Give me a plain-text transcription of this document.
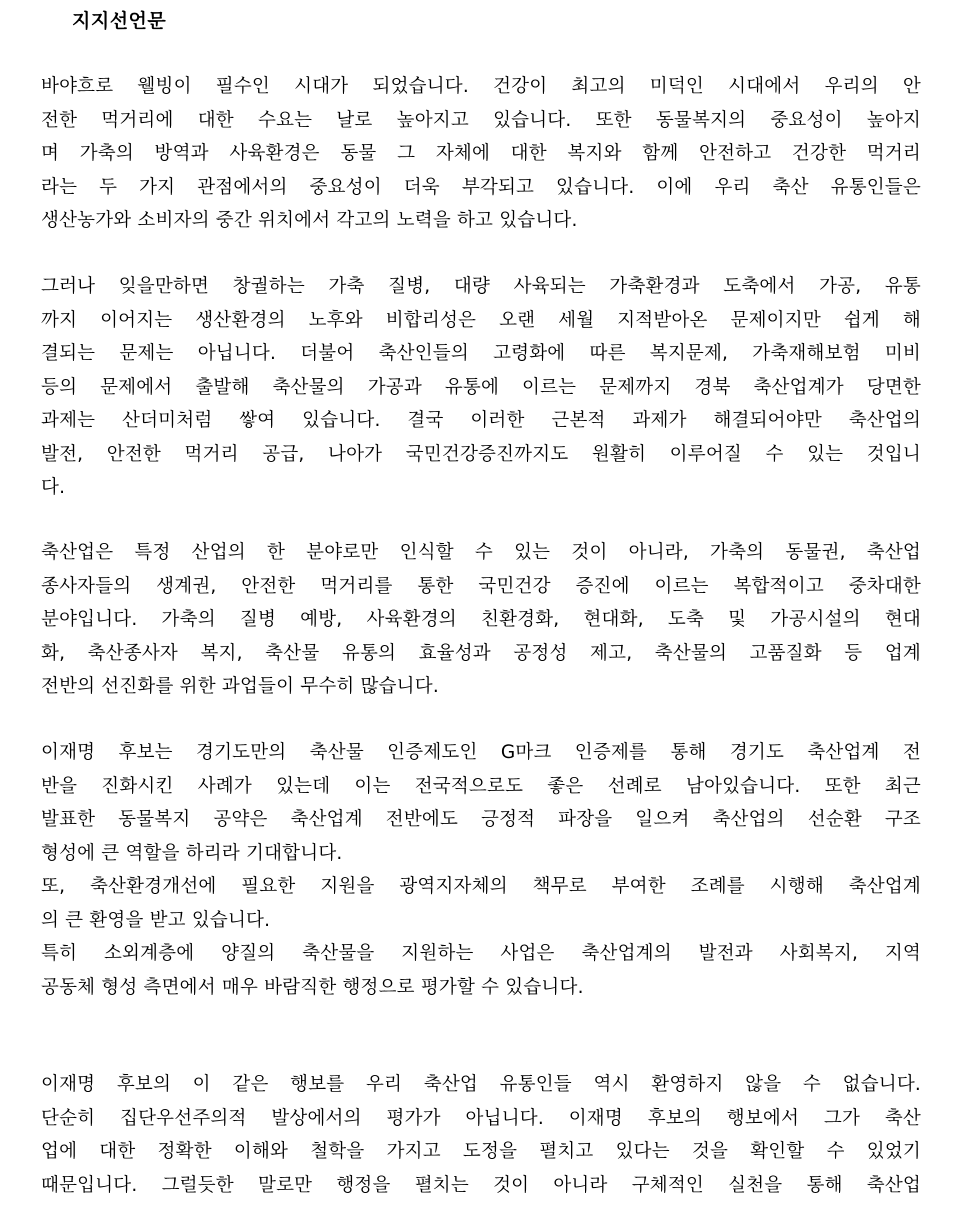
지지선언문
바야흐로 웰빙이 필수인 시대가 되었습니다. 건강이 최고의 미덕인 시대에서 우리의 안
전한 먹거리에 대한 수요는 날로 높아지고 있습니다. 또한 동물복지의 중요성이 높아지
며 가축의 방역과 사육환경은 동물 그 자체에 대한 복지와 함께 안전하고 건강한 먹거리
라는 두 가지 관점에서의 중요성이 더욱 부각되고 있습니다. 이에 우리 축산 유통인들은
생산농가와 소비자의 중간 위치에서 각고의 노력을 하고 있습니다.
그러나 잊을만하면 창궐하는 가축 질병, 대량 사육되는 가축환경과 도축에서 가공, 유통
까지 이어지는 생산환경의 노후와 비합리성은 오랜 세월 지적받아온 문제이지만 쉽게 해
결되는 문제는 아닙니다. 더불어 축산인들의 고령화에 따른 복지문제, 가축재해보험 미비
등의 문제에서 출발해 축산물의 가공과 유통에 이르는 문제까지 경북 축산업계가 당면한
과제는 산더미처럼 쌓여 있습니다. 결국 이러한 근본적 과제가 해결되어야만 축산업의
발전, 안전한 먹거리 공급, 나아가 국민건강증진까지도 원활히 이루어질 수 있는 것입니
다.
축산업은 특정 산업의 한 분야로만 인식할 수 있는 것이 아니라, 가축의 동물권, 축산업
종사자들의 생계권, 안전한 먹거리를 통한 국민건강 증진에 이르는 복합적이고 중차대한
분야입니다. 가축의 질병 예방, 사육환경의 친환경화, 현대화, 도축 및 가공시설의 현대
화, 축산종사자 복지, 축산물 유통의 효율성과 공정성 제고, 축산물의 고품질화 등 업계
전반의 선진화를 위한 과업들이 무수히 많습니다.
이재명 후보는 경기도만의 축산물 인증제도인 G마크 인증제를 통해 경기도 축산업계 전
반을 진화시킨 사례가 있는데 이는 전국적으로도 좋은 선례로 남아있습니다. 또한 최근
발표한 동물복지 공약은 축산업계 전반에도 긍정적 파장을 일으켜 축산업의 선순환 구조
형성에 큰 역할을 하리라 기대합니다.
또, 축산환경개선에 필요한 지원을 광역지자체의 책무로 부여한 조례를 시행해 축산업계
의 큰 환영을 받고 있습니다.
특히 소외계층에 양질의 축산물을 지원하는 사업은 축산업계의 발전과 사회복지, 지역
공동체 형성 측면에서 매우 바람직한 행정으로 평가할 수 있습니다.
이재명 후보의 이 같은 행보를 우리 축산업 유통인들 역시 환영하지 않을 수 없습니다.
단순히 집단우선주의적 발상에서의 평가가 아닙니다. 이재명 후보의 행보에서 그가 축산
업에 대한 정확한 이해와 철학을 가지고 도정을 펼치고 있다는 것을 확인할 수 있었기
때문입니다. 그럴듯한 말로만 행정을 펼치는 것이 아니라 구체적인 실천을 통해 축산업
